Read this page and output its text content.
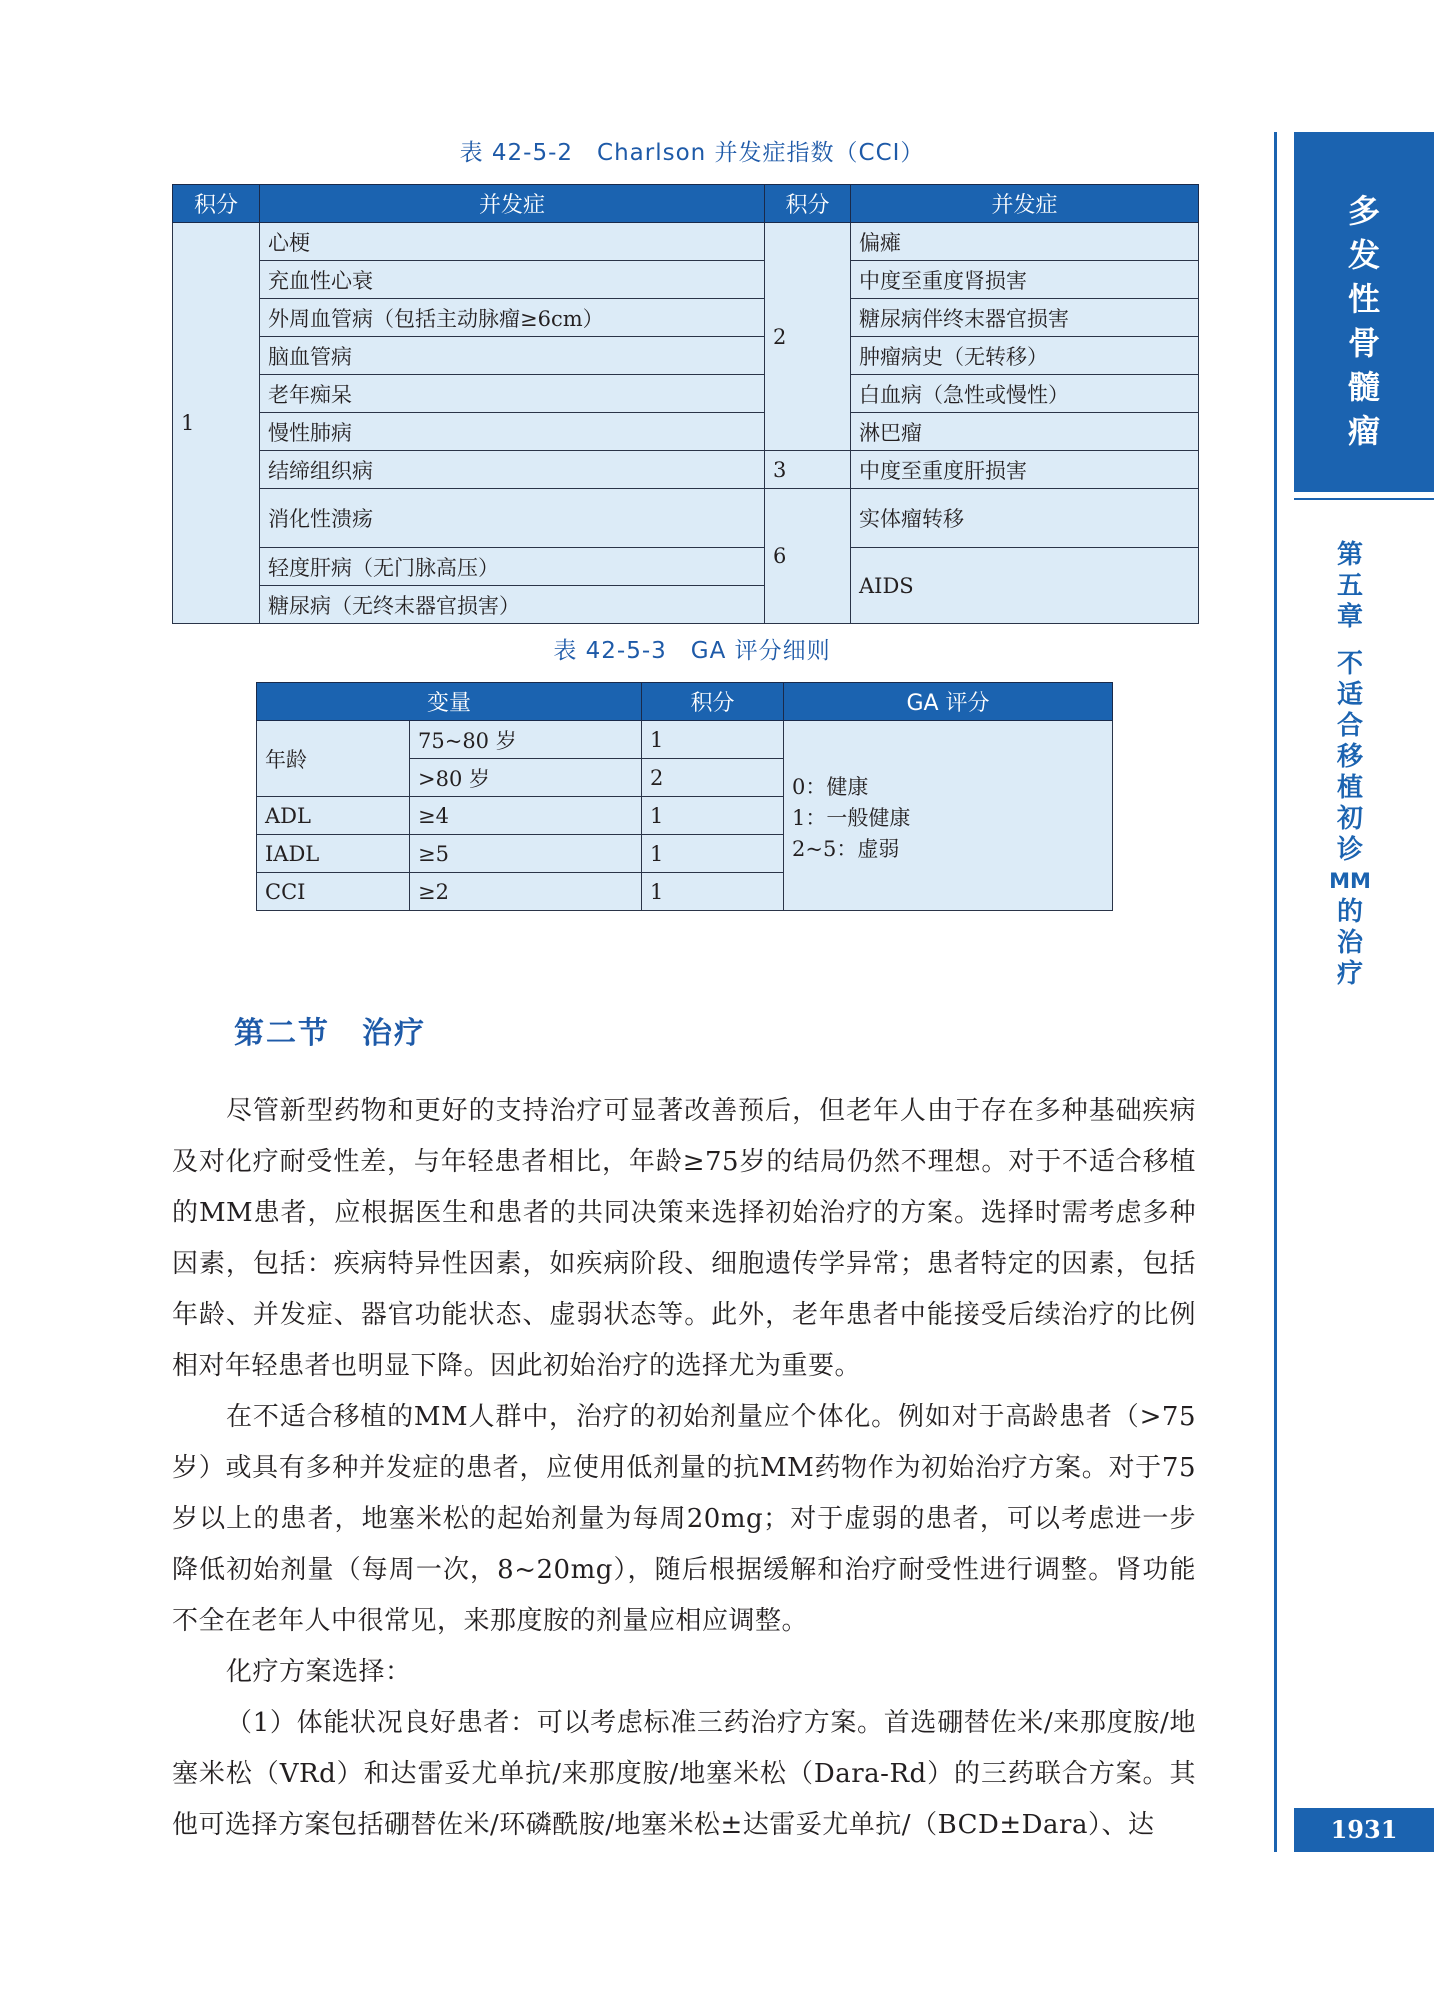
表 42-5-2　Charlson 并发症指数（CCI）
积分	并发症	积分	并发症
1	心梗	2	偏瘫
	充血性心衰		中度至重度肾损害
	外周血管病（包括主动脉瘤≥6cm）		糖尿病伴终末器官损害
	脑血管病		肿瘤病史（无转移）
	老年痴呆		白血病（急性或慢性）
	慢性肺病		淋巴瘤
	结缔组织病	3	中度至重度肝损害
	消化性溃疡	6	实体瘤转移
	轻度肝病（无门脉高压）		AIDS
	糖尿病（无终末器官损害）		
表 42-5-3　GA 评分细则
变量		积分	GA 评分
年龄	75~80 岁	1	0：健康
1：一般健康
2~5：虚弱

	>80 岁	2	
ADL	≥4	1	
IADL	≥5	1	
CCI	≥2	1	
第二节　治疗

尽管新型药物和更好的支持治疗可显著改善预后，但老年人由于存在多种基础疾病及对化疗耐受性差，与年轻患者相比，年龄≥75岁的结局仍然不理想。对于不适合移植的MM患者，应根据医生和患者的共同决策来选择初始治疗的方案。选择时需考虑多种因素，包括：疾病特异性因素，如疾病阶段、细胞遗传学异常；患者特定的因素，包括年龄、并发症、器官功能状态、虚弱状态等。此外，老年患者中能接受后续治疗的比例相对年轻患者也明显下降。因此初始治疗的选择尤为重要。

在不适合移植的MM人群中，治疗的初始剂量应个体化。例如对于高龄患者（>75岁）或具有多种并发症的患者，应使用低剂量的抗MM药物作为初始治疗方案。对于75岁以上的患者，地塞米松的起始剂量为每周20mg；对于虚弱的患者，可以考虑进一步降低初始剂量（每周一次，8~20mg），随后根据缓解和治疗耐受性进行调整。肾功能不全在老年人中很常见，来那度胺的剂量应相应调整。

化疗方案选择：

（1）体能状况良好患者：可以考虑标准三药治疗方案。首选硼替佐米/来那度胺/地塞米松（VRd）和达雷妥尤单抗/来那度胺/地塞米松（Dara-Rd）的三药联合方案。其他可选择方案包括硼替佐米/环磷酰胺/地塞米松±达雷妥尤单抗/（BCD±Dara）、达

多
发
性
骨
髓
瘤
第
五
章
不
适
合
移
植
初
诊
MM
的
治
疗
1931
